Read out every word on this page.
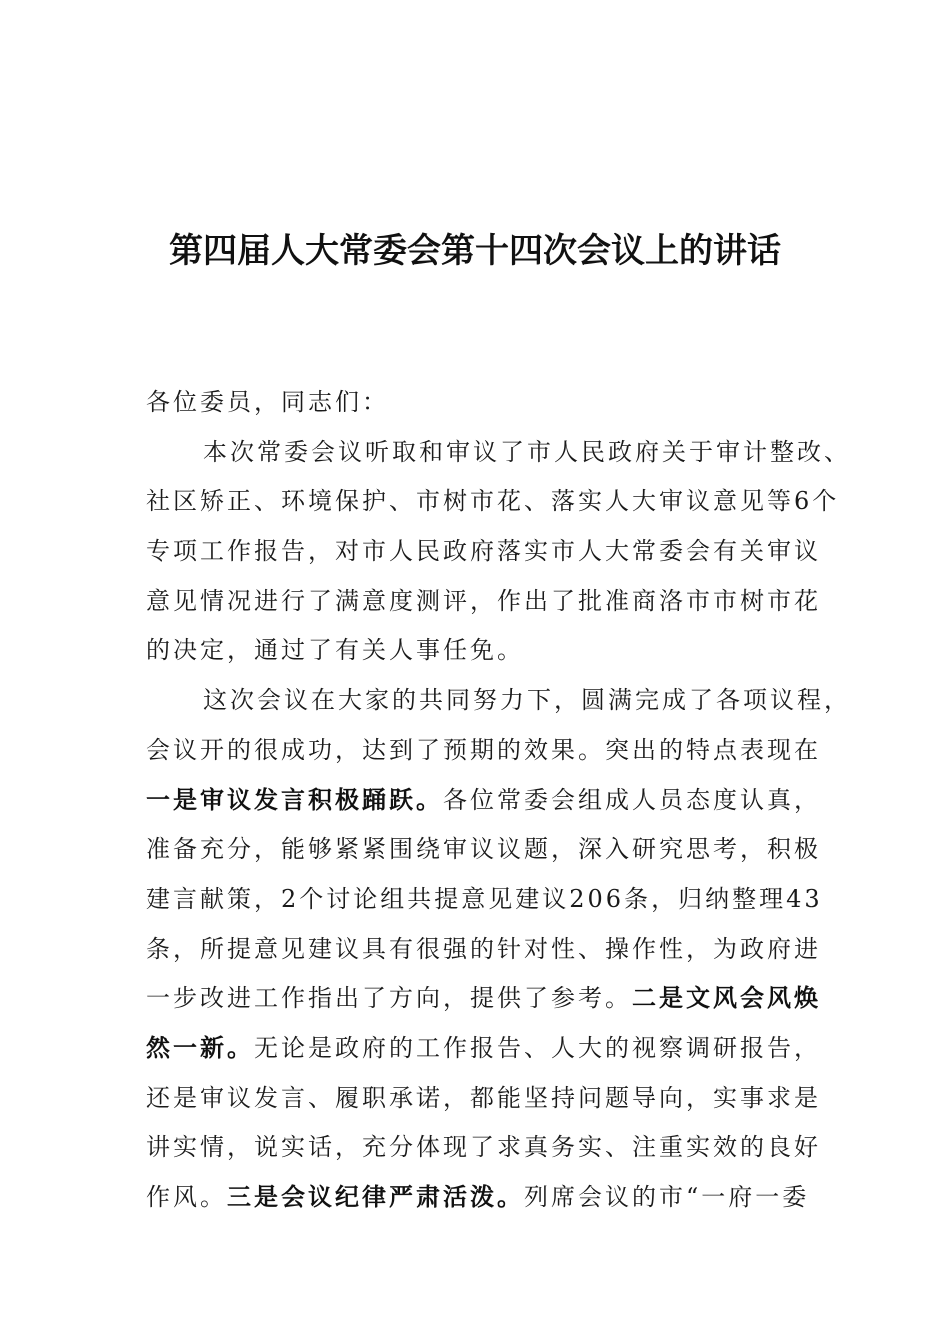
第四届人大常委会第十四次会议上的讲话
各位委员，同志们：
本次常委会议听取和审议了市人民政府关于审计整改、
社区矫正、环境保护、市树市花、落实人大审议意见等6个
专项工作报告，对市人民政府落实市人大常委会有关审议
意见情况进行了满意度测评，作出了批准商洛市市树市花
的决定，通过了有关人事任免。
这次会议在大家的共同努力下，圆满完成了各项议程，
会议开的很成功，达到了预期的效果。突出的特点表现在
一是审议发言积极踊跃。各位常委会组成人员态度认真，
准备充分，能够紧紧围绕审议议题，深入研究思考，积极
建言献策，2个讨论组共提意见建议206条，归纳整理43
条，所提意见建议具有很强的针对性、操作性，为政府进
一步改进工作指出了方向，提供了参考。二是文风会风焕
然一新。无论是政府的工作报告、人大的视察调研报告，
还是审议发言、履职承诺，都能坚持问题导向，实事求是
讲实情，说实话，充分体现了求真务实、注重实效的良好
作风。三是会议纪律严肃活泼。列席会议的市“一府一委
